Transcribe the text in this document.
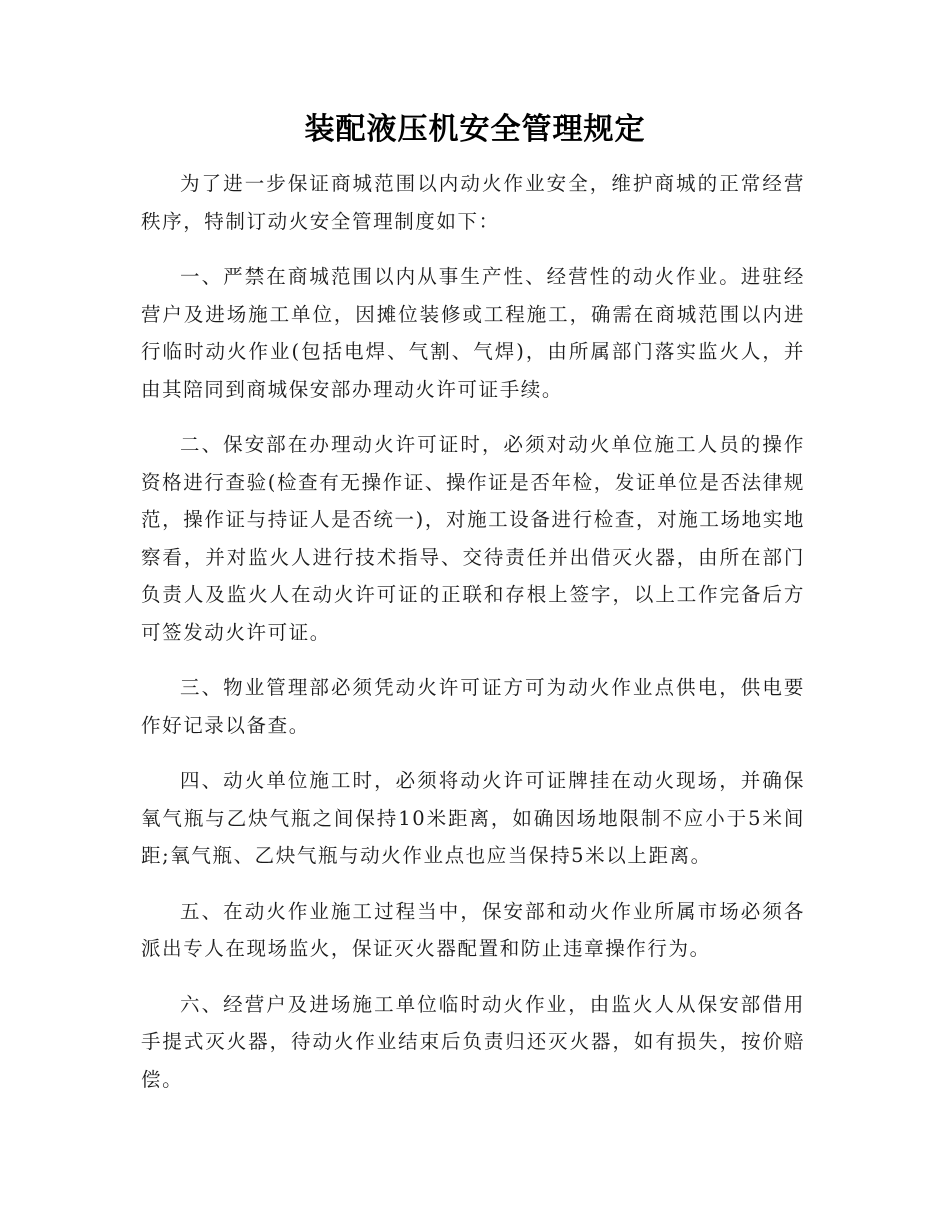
装配液压机安全管理规定

为了进一步保证商城范围以内动火作业安全，维护商城的正常经营秩序，特制订动火安全管理制度如下：

一、严禁在商城范围以内从事生产性、经营性的动火作业。进驻经营户及进场施工单位，因摊位装修或工程施工，确需在商城范围以内进行临时动火作业(包括电焊、气割、气焊)，由所属部门落实监火人，并由其陪同到商城保安部办理动火许可证手续。

二、保安部在办理动火许可证时，必须对动火单位施工人员的操作资格进行查验(检查有无操作证、操作证是否年检，发证单位是否法律规范，操作证与持证人是否统一)，对施工设备进行检查，对施工场地实地察看，并对监火人进行技术指导、交待责任并出借灭火器，由所在部门负责人及监火人在动火许可证的正联和存根上签字，以上工作完备后方可签发动火许可证。

三、物业管理部必须凭动火许可证方可为动火作业点供电，供电要作好记录以备查。

四、动火单位施工时，必须将动火许可证牌挂在动火现场，并确保氧气瓶与乙炔气瓶之间保持10米距离，如确因场地限制不应小于5米间距;氧气瓶、乙炔气瓶与动火作业点也应当保持5米以上距离。

五、在动火作业施工过程当中，保安部和动火作业所属市场必须各派出专人在现场监火，保证灭火器配置和防止违章操作行为。

六、经营户及进场施工单位临时动火作业，由监火人从保安部借用手提式灭火器，待动火作业结束后负责归还灭火器，如有损失，按价赔偿。
